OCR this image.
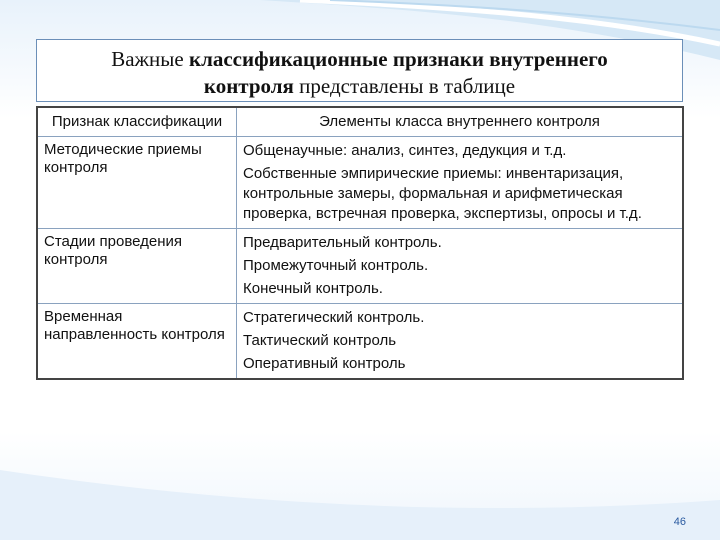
Важные классификационные признаки внутреннего
контроля представлены в таблице
Признак классификации	Элементы класса внутреннего контроля
Методические приемы контроля	Общенаучные: анализ, синтез, дедукция и т.д.

Собственные эмпирические приемы: инвентаризация, контрольные замеры, формальная и арифметическая проверка, встречная проверка, экспертизы, опросы и т.д.

Стадии проведения контроля	Предварительный контроль.

Промежуточный контроль.

Конечный контроль.

Временная направленность контроля	Стратегический контроль.

Тактический контроль

Оперативный контроль

46
